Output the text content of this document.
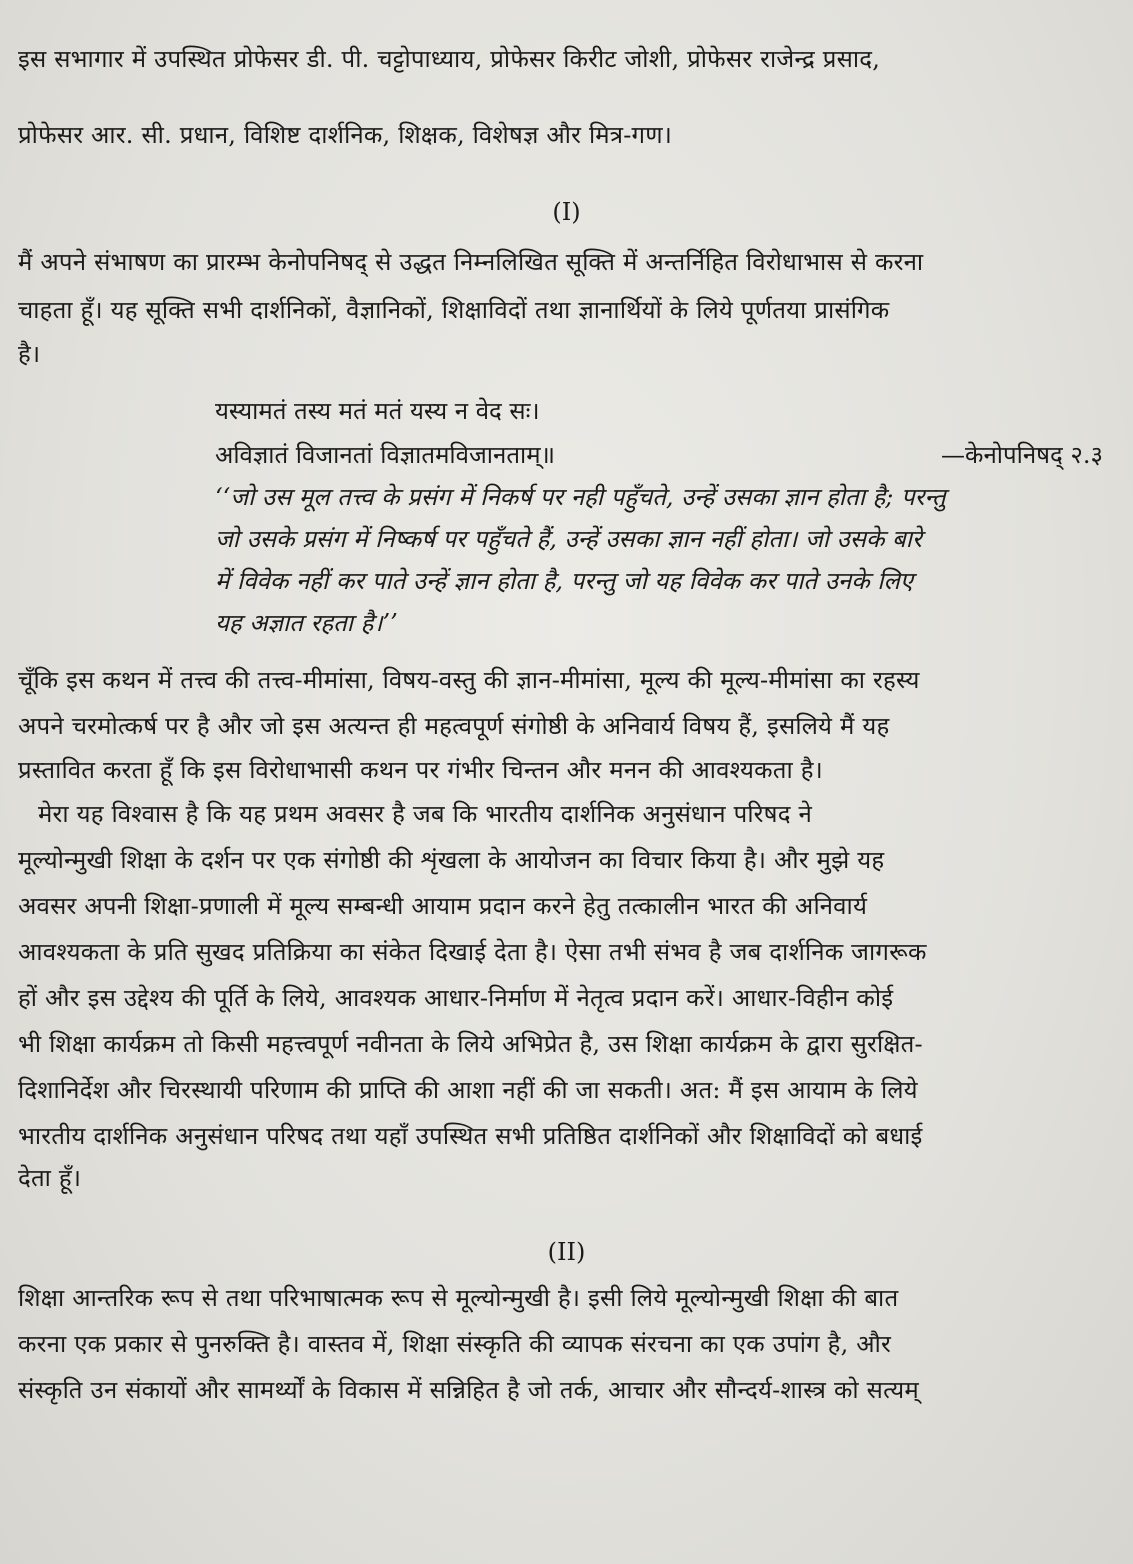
इस सभागार में उपस्थित प्रोफेसर डी. पी. चट्टोपाध्याय, प्रोफेसर किरीट जोशी, प्रोफेसर राजेन्द्र प्रसाद,
प्रोफेसर आर. सी. प्रधान, विशिष्ट दार्शनिक, शिक्षक, विशेषज्ञ और मित्र-गण।
(I)
मैं अपने संभाषण का प्रारम्भ केनोपनिषद् से उद्धत निम्नलिखित सूक्ति में अन्तर्निहित विरोधाभास से करना
चाहता हूँ। यह सूक्ति सभी दार्शनिकों, वैज्ञानिकों, शिक्षाविदों तथा ज्ञानार्थियों के लिये पूर्णतया प्रासंगिक
है।
यस्यामतं तस्य मतं मतं यस्य न वेद सः।
अविज्ञातं विजानतां विज्ञातमविजानताम्॥	—केनोपनिषद् २.३
‘‘जो उस मूल तत्त्व के प्रसंग में निकर्ष पर नही पहुँचते, उन्हें उसका ज्ञान होता है; परन्तु
जो उसके प्रसंग में निष्कर्ष पर पहुँचते हैं, उन्हें उसका ज्ञान नहीं होता। जो उसके बारे
में विवेक नहीं कर पाते उन्हें ज्ञान होता है, परन्तु जो यह विवेक कर पाते उनके लिए
यह अज्ञात रहता है।’’
चूँकि इस कथन में तत्त्व की तत्त्व-मीमांसा, विषय-वस्तु की ज्ञान-मीमांसा, मूल्य की मूल्य-मीमांसा का रहस्य
अपने चरमोत्कर्ष पर है और जो इस अत्यन्त ही महत्वपूर्ण संगोष्ठी के अनिवार्य विषय हैं, इसलिये मैं यह
प्रस्तावित करता हूँ कि इस विरोधाभासी कथन पर गंभीर चिन्तन और मनन की आवश्यकता है।
मेरा यह विश्वास है कि यह प्रथम अवसर है जब कि भारतीय दार्शनिक अनुसंधान परिषद ने
मूल्योन्मुखी शिक्षा के दर्शन पर एक संगोष्ठी की शृंखला के आयोजन का विचार किया है। और मुझे यह
अवसर अपनी शिक्षा-प्रणाली में मूल्य सम्बन्धी आयाम प्रदान करने हेतु तत्कालीन भारत की अनिवार्य
आवश्यकता के प्रति सुखद प्रतिक्रिया का संकेत दिखाई देता है। ऐसा तभी संभव है जब दार्शनिक जागरूक
हों और इस उद्देश्य की पूर्ति के लिये, आवश्यक आधार-निर्माण में नेतृत्व प्रदान करें। आधार-विहीन कोई
भी शिक्षा कार्यक्रम तो किसी महत्त्वपूर्ण नवीनता के लिये अभिप्रेत है, उस शिक्षा कार्यक्रम के द्वारा सुरक्षित-
दिशानिर्देश और चिरस्थायी परिणाम की प्राप्ति की आशा नहीं की जा सकती। अत: मैं इस आयाम के लिये
भारतीय दार्शनिक अनुसंधान परिषद तथा यहाँ उपस्थित सभी प्रतिष्ठित दार्शनिकों और शिक्षाविदों को बधाई
देता हूँ।
(II)
शिक्षा आन्तरिक रूप से तथा परिभाषात्मक रूप से मूल्योन्मुखी है। इसी लिये मूल्योन्मुखी शिक्षा की बात
करना एक प्रकार से पुनरुक्ति है। वास्तव में, शिक्षा संस्कृति की व्यापक संरचना का एक उपांग है, और
संस्कृति उन संकायों और सामर्थ्यों के विकास में सन्निहित है जो तर्क, आचार और सौन्दर्य-शास्त्र को सत्यम्
